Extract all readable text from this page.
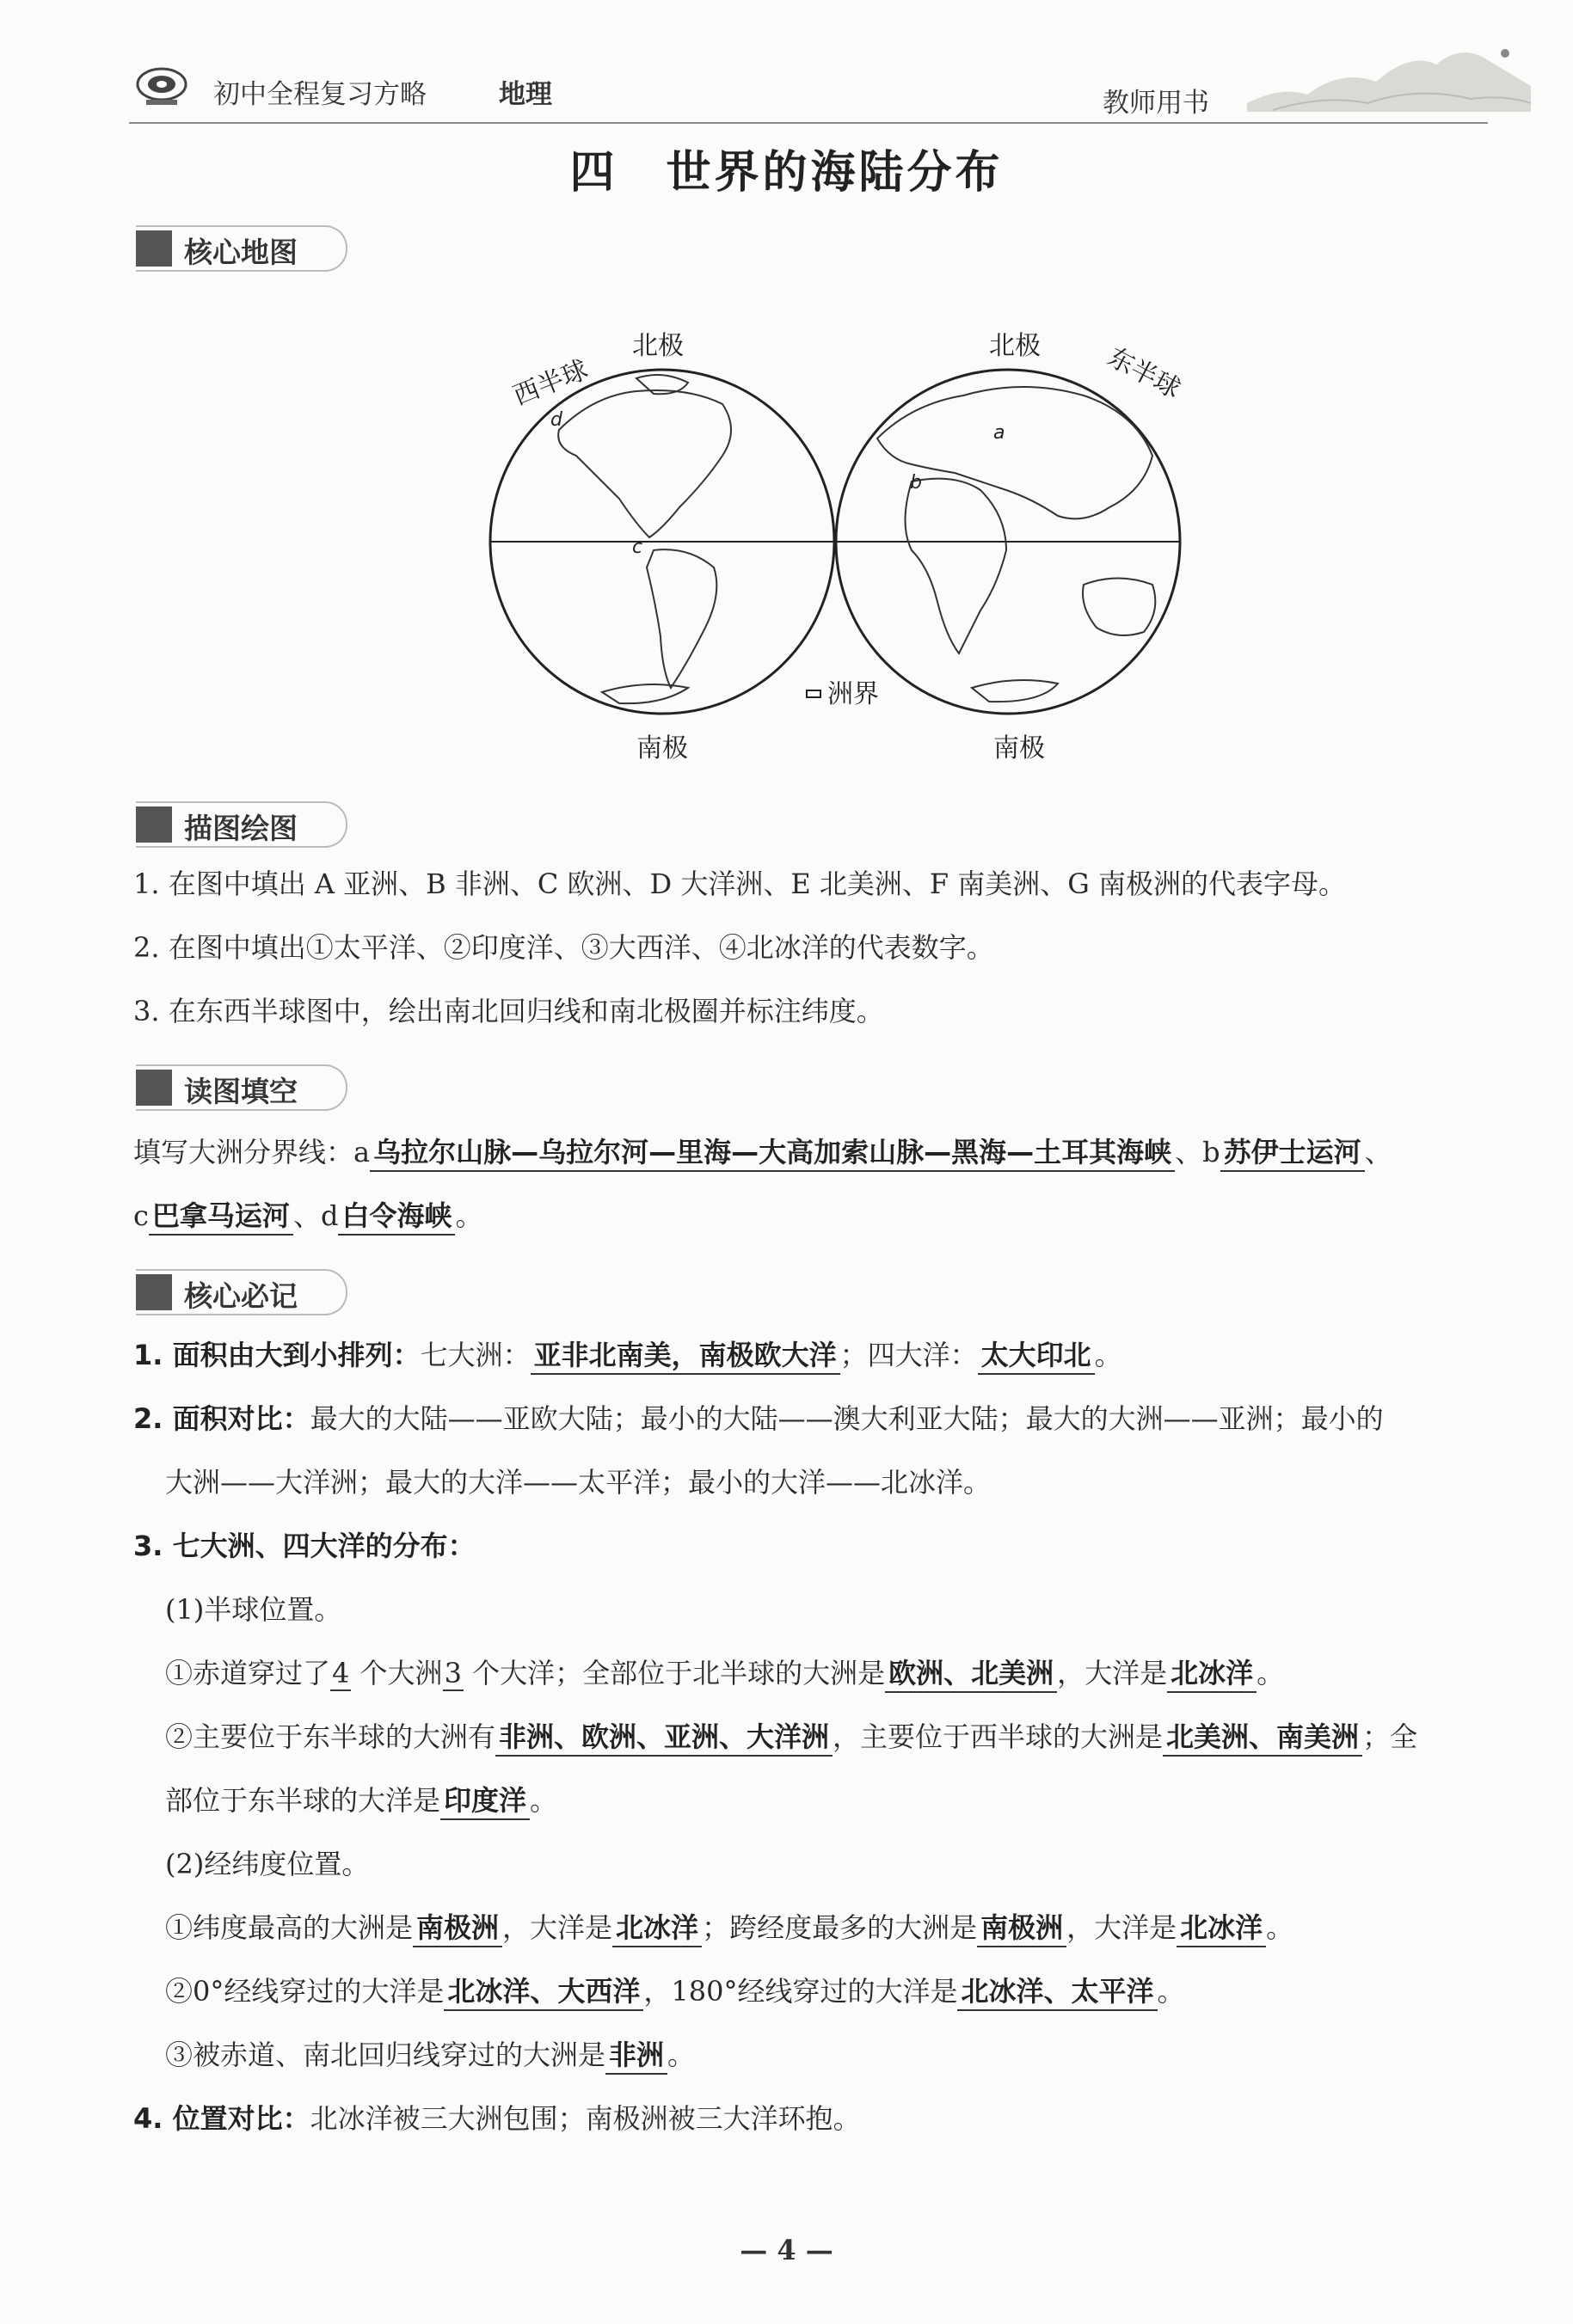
初中全程复习方略	地理	教师用书
四　世界的海陆分布
核心地图
西半球
北极	北极 东半球
南极	南极
洲界
a
b
c
d
描图绘图
1. 在图中填出 A 亚洲、B 非洲、C 欧洲、D 大洋洲、E 北美洲、F 南美洲、G 南极洲的代表字母。
2. 在图中填出①太平洋、②印度洋、③大西洋、④北冰洋的代表数字。
3. 在东西半球图中，绘出南北回归线和南北极圈并标注纬度。
读图填空
填写大洲分界线：a 乌拉尔山脉—乌拉尔河—里海—大高加索山脉—黑海—土耳其海峡 、b 苏伊士运河 、
c 巴拿马运河 、d 白令海峡 。
核心必记
1. 面积由大到小排列：七大洲： 亚非北南美，南极欧大洋 ；四大洋： 太大印北 。
2. 面积对比：最大的大陆——亚欧大陆；最小的大陆——澳大利亚大陆；最大的大洲——亚洲；最小的
大洲——大洋洲；最大的大洋——太平洋；最小的大洋——北冰洋。
3. 七大洲、四大洋的分布：
(1)半球位置。
①赤道穿过了4 个大洲3 个大洋；全部位于北半球的大洲是 欧洲、北美洲 ，大洋是 北冰洋 。
②主要位于东半球的大洲有 非洲、欧洲、亚洲、大洋洲 ，主要位于西半球的大洲是 北美洲、南美洲 ；全
部位于东半球的大洋是 印度洋 。
(2)经纬度位置。
①纬度最高的大洲是 南极洲 ，大洋是 北冰洋 ；跨经度最多的大洲是 南极洲 ，大洋是 北冰洋 。
②0°经线穿过的大洋是 北冰洋、大西洋 ，180°经线穿过的大洋是 北冰洋、太平洋 。
③被赤道、南北回归线穿过的大洲是 非洲 。
4. 位置对比：北冰洋被三大洲包围；南极洲被三大洋环抱。
— 4 —
